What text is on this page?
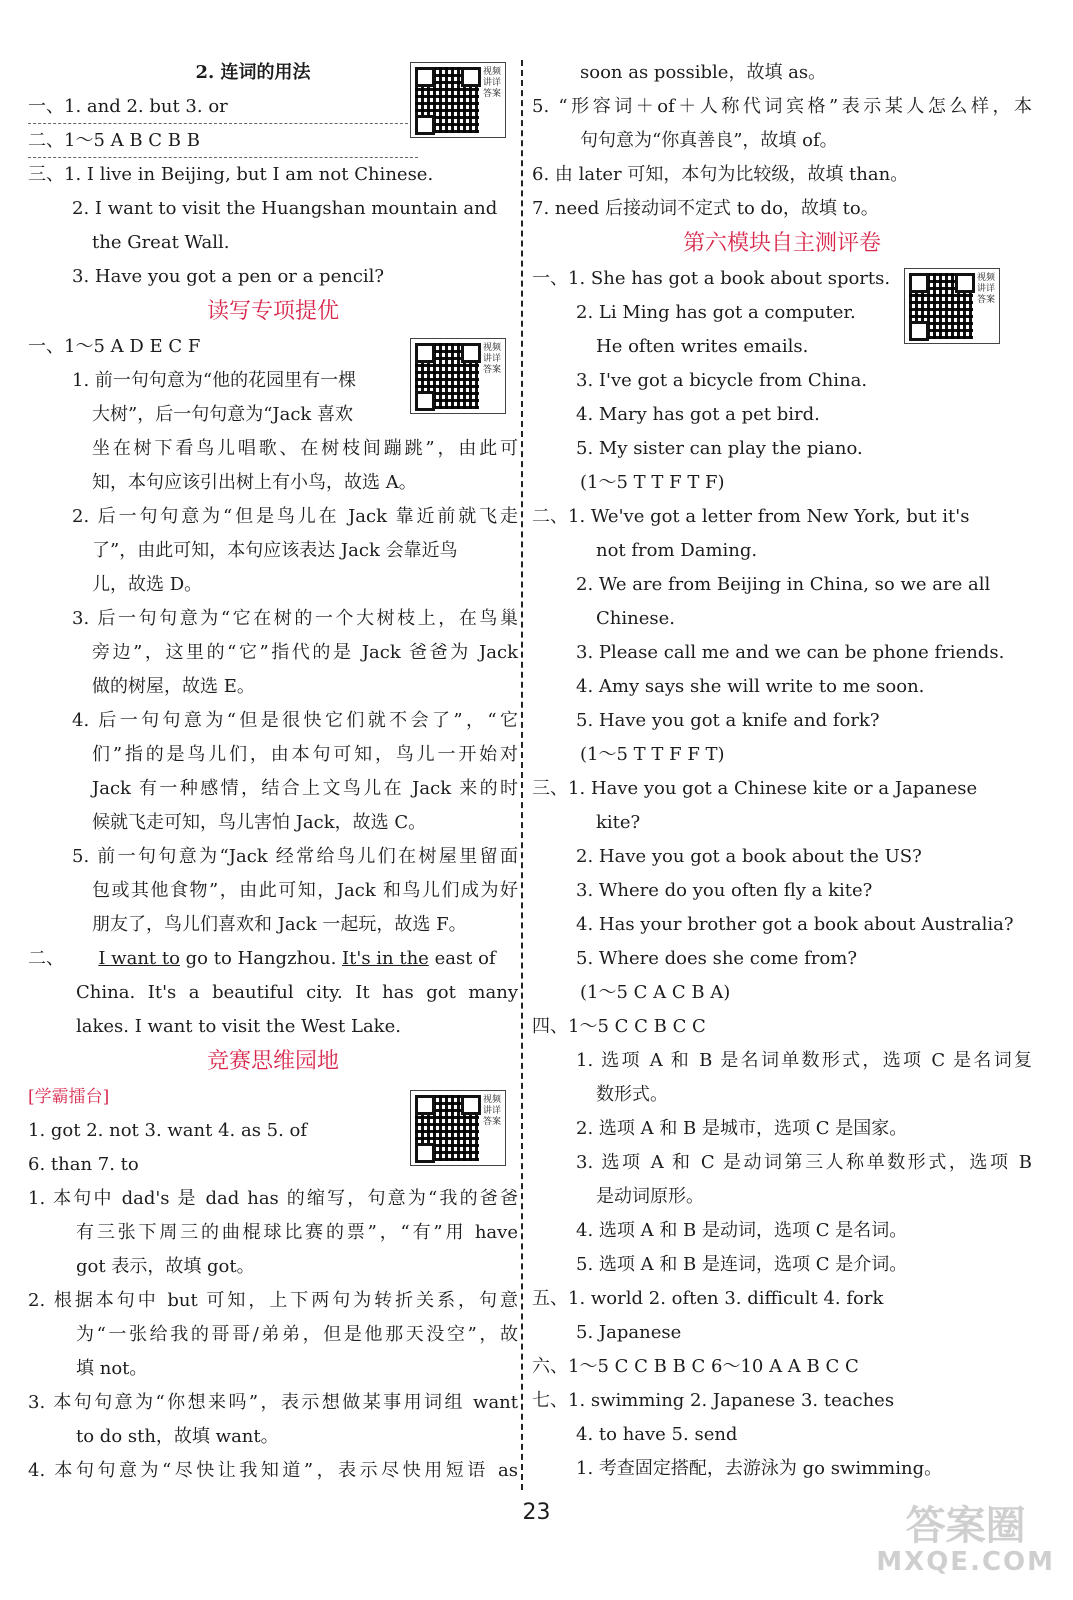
2. 连词的用法
一、1. and 2. but 3. or
二、1～5 A B C B B
三、1. I live in Beijing, but I am not Chinese.
2. I want to visit the Huangshan mountain and
the Great Wall.
3. Have you got a pen or a pencil?
读写专项提优
一、1～5 A D E C F
1. 前一句句意为“他的花园里有一棵
大树”，后一句句意为“Jack 喜欢
坐在树下看鸟儿唱歌、在树枝间蹦跳”，由此可
知，本句应该引出树上有小鸟，故选 A。
2. 后一句句意为“但是鸟儿在 Jack 靠近前就飞走
了”，由此可知，本句应该表达 Jack 会靠近鸟
儿，故选 D。
3. 后一句句意为“它在树的一个大树枝上，在鸟巢
旁边”，这里的“它”指代的是 Jack 爸爸为 Jack
做的树屋，故选 E。
4. 后一句句意为“但是很快它们就不会了”，“它
们”指的是鸟儿们，由本句可知，鸟儿一开始对
Jack 有一种感情，结合上文鸟儿在 Jack 来的时
候就飞走可知，鸟儿害怕 Jack，故选 C。
5. 前一句句意为“Jack 经常给鸟儿们在树屋里留面
包或其他食物”，由此可知，Jack 和鸟儿们成为好
朋友了，鸟儿们喜欢和 Jack 一起玩，故选 F。
二、      I want to go to Hangzhou. It's in the east of
China. It's a beautiful city. It has got many
lakes. I want to visit the West Lake.
竞赛思维园地
[学霸擂台]
1. got 2. not 3. want 4. as 5. of
6. than 7. to
1. 本句中 dad's 是 dad has 的缩写，句意为“我的爸爸
有三张下周三的曲棍球比赛的票”，“有”用 have
got 表示，故填 got。
2. 根据本句中 but 可知，上下两句为转折关系，句意
为“一张给我的哥哥/弟弟，但是他那天没空”，故
填 not。
3. 本句句意为“你想来吗”，表示想做某事用词组 want
to do sth，故填 want。
4. 本句句意为“尽快让我知道”，表示尽快用短语 as
soon as possible，故填 as。
5. “形容词＋of＋人称代词宾格”表示某人怎么样，本
句句意为“你真善良”，故填 of。
6. 由 later 可知，本句为比较级，故填 than。
7. need 后接动词不定式 to do，故填 to。
第六模块自主测评卷
一、1. She has got a book about sports.
2. Li Ming has got a computer.
He often writes emails.
3. I've got a bicycle from China.
4. Mary has got a pet bird.
5. My sister can play the piano.
(1～5 T T F T F)
二、1. We've got a letter from New York, but it's
not from Daming.
2. We are from Beijing in China, so we are all
Chinese.
3. Please call me and we can be phone friends.
4. Amy says she will write to me soon.
5. Have you got a knife and fork?
(1～5 T T F F T)
三、1. Have you got a Chinese kite or a Japanese
kite?
2. Have you got a book about the US?
3. Where do you often fly a kite?
4. Has your brother got a book about Australia?
5. Where does she come from?
(1～5 C A C B A)
四、1～5 C C B C C
1. 选项 A 和 B 是名词单数形式，选项 C 是名词复
数形式。
2. 选项 A 和 B 是城市，选项 C 是国家。
3. 选项 A 和 C 是动词第三人称单数形式，选项 B
是动词原形。
4. 选项 A 和 B 是动词，选项 C 是名词。
5. 选项 A 和 B 是连词，选项 C 是介词。
五、1. world 2. often 3. difficult 4. fork
5. Japanese
六、1～5 C C B B C 6～10 A A B C C
七、1. swimming 2. Japanese 3. teaches
4. to have 5. send
1. 考查固定搭配，去游泳为 go swimming。
视频讲详答案
视频讲详答案
视频讲详答案
视频讲详答案
23	答案圈
MXQE.COM
